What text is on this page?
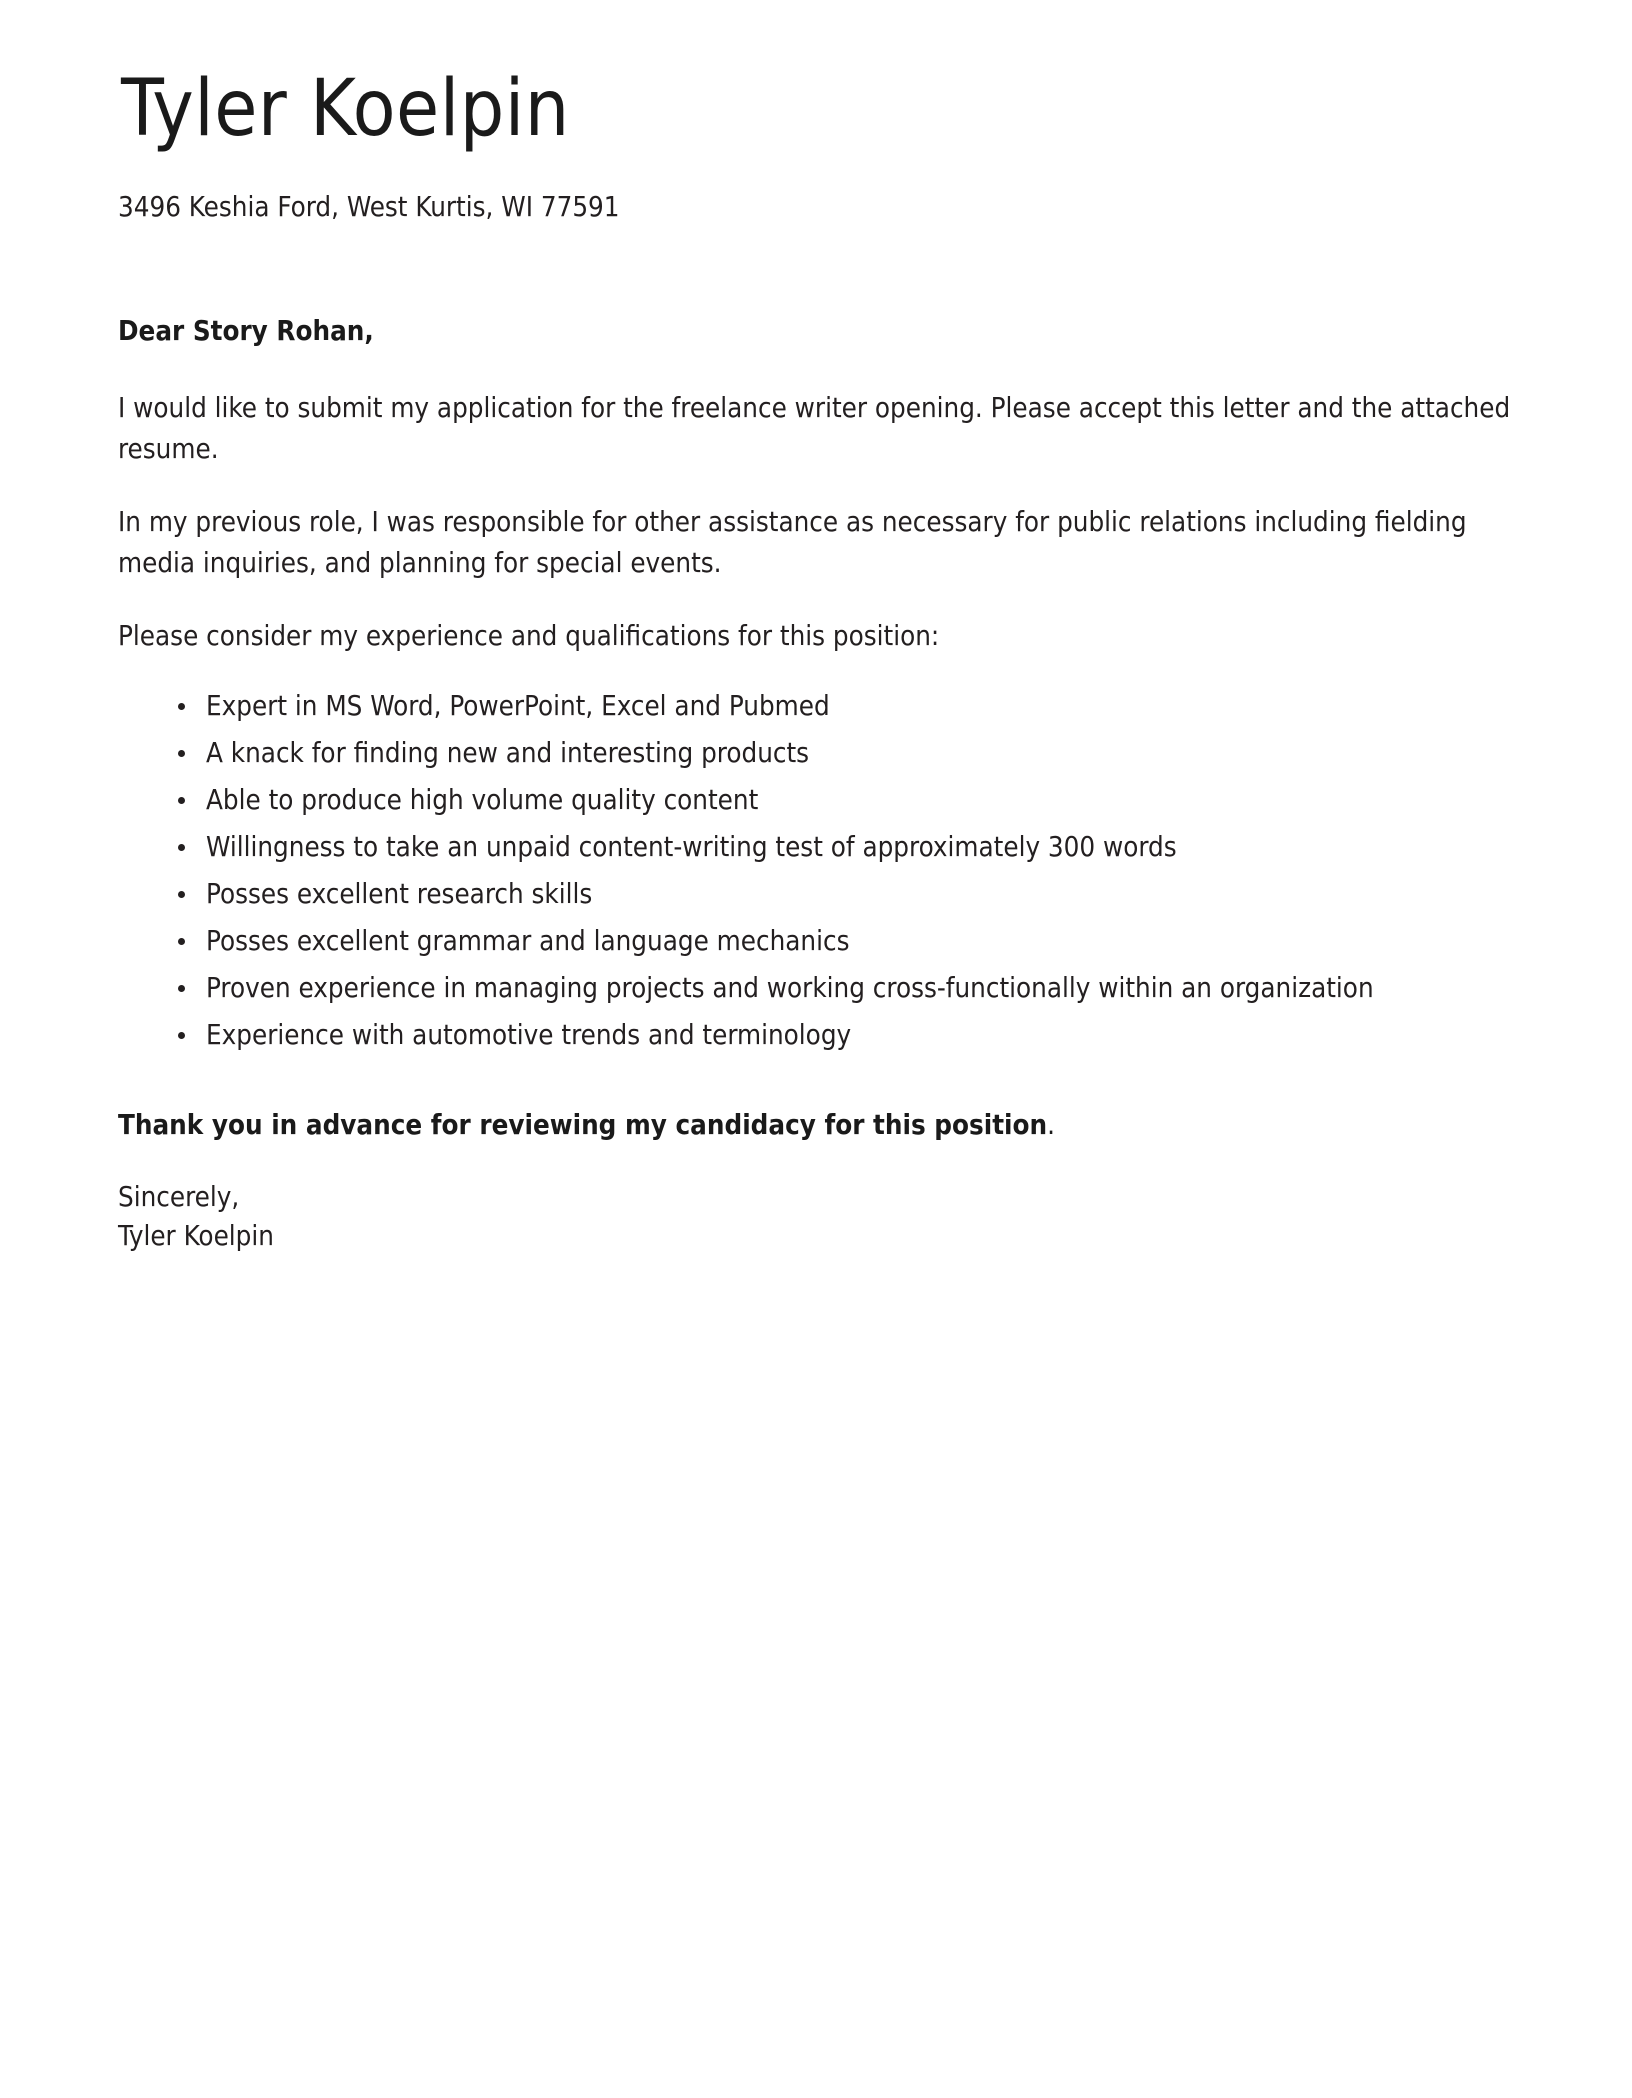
Tyler Koelpin
3496 Keshia Ford, West Kurtis, WI 77591
Dear Story Rohan,

I would like to submit my application for the freelance writer opening. Please accept this letter and the attached resume.

In my previous role, I was responsible for other assistance as necessary for public relations including fielding media inquiries, and planning for special events.

Please consider my experience and qualifications for this position:

Expert in MS Word, PowerPoint, Excel and Pubmed
A knack for finding new and interesting products
Able to produce high volume quality content
Willingness to take an unpaid content-writing test of approximately 300 words
Posses excellent research skills
Posses excellent grammar and language mechanics
Proven experience in managing projects and working cross-functionally within an organization
Experience with automotive trends and terminology
Thank you in advance for reviewing my candidacy for this position.
Sincerely,
Tyler Koelpin
